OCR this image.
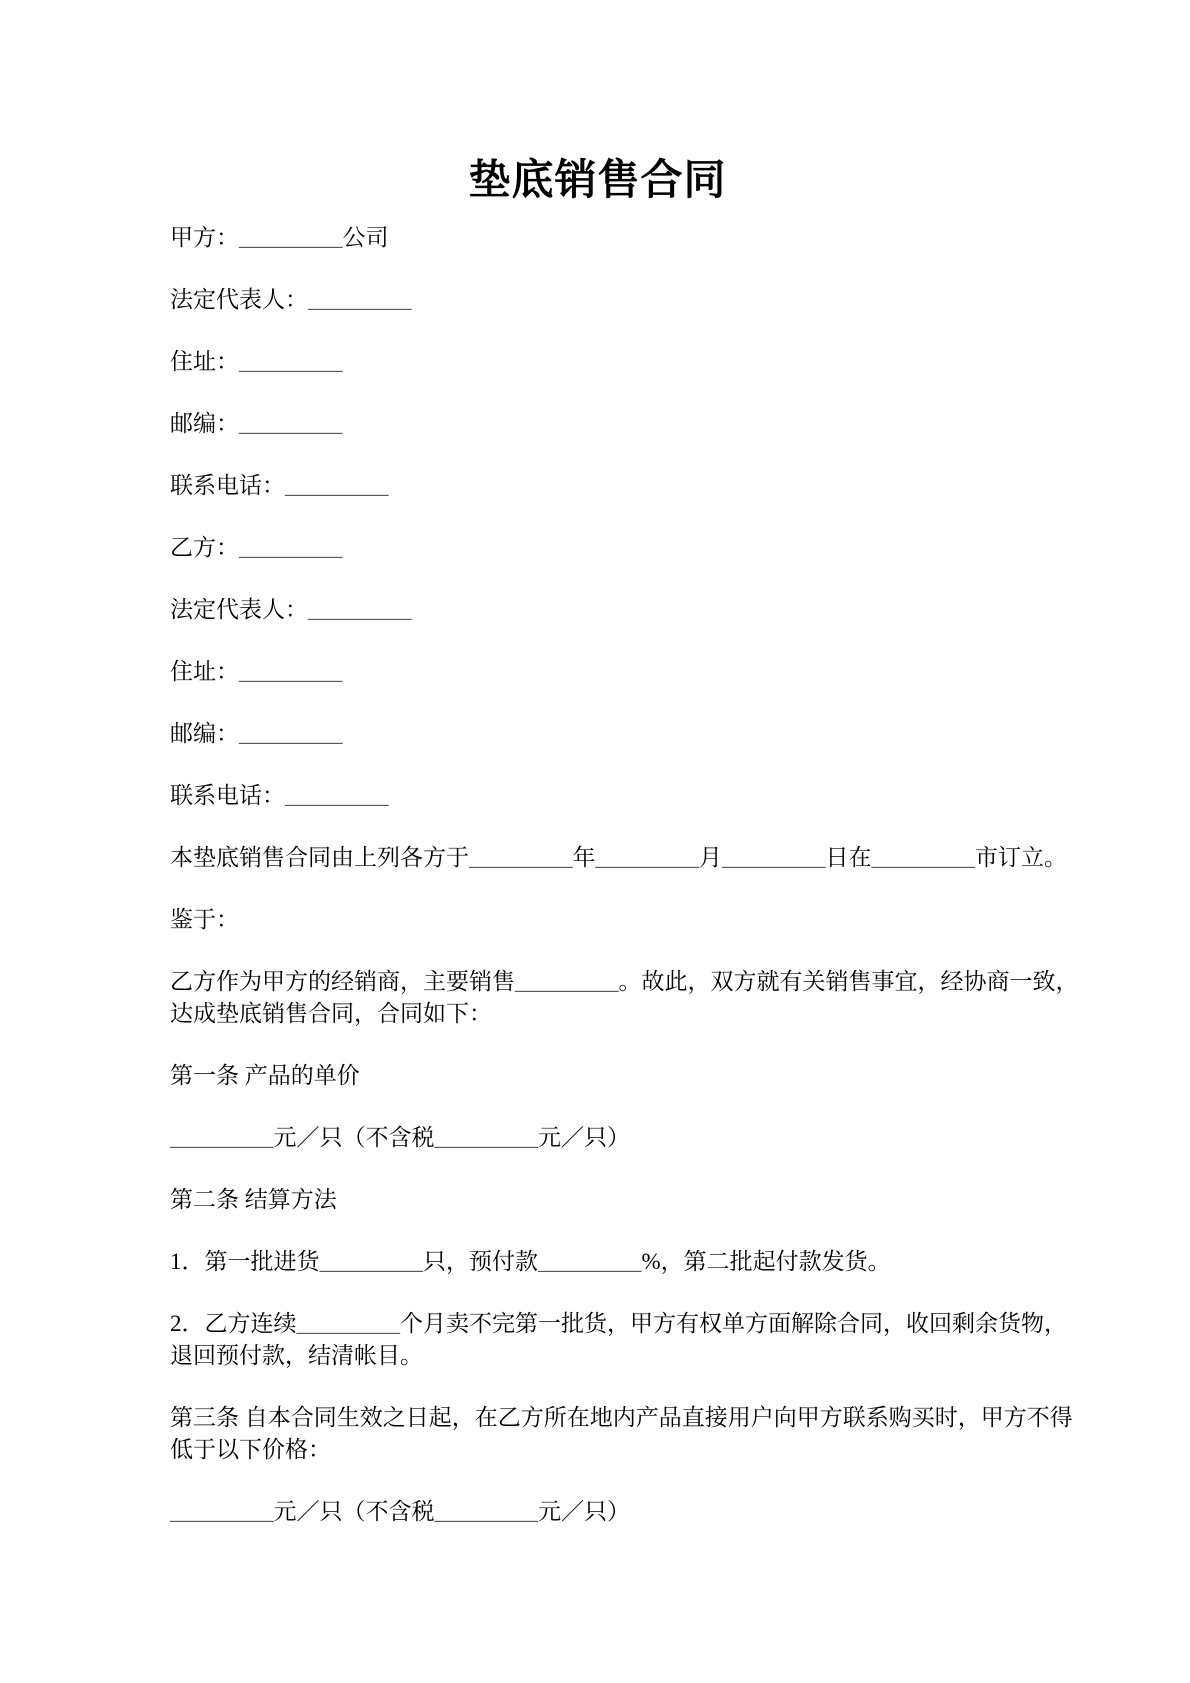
垫底销售合同

甲方：_________公司

法定代表人：_________

住址：_________

邮编：_________

联系电话：_________

乙方：_________

法定代表人：_________

住址：_________

邮编：_________

联系电话：_________

本垫底销售合同由上列各方于_________年_________月_________日在_________市订立。

鉴于：

乙方作为甲方的经销商，主要销售_________。故此，双方就有关销售事宜，经协商一致，达成垫底销售合同，合同如下：

第一条 产品的单价

_________元／只（不含税_________元／只）

第二条 结算方法

1．第一批进货_________只，预付款_________%，第二批起付款发货。

2．乙方连续_________个月卖不完第一批货，甲方有权单方面解除合同，收回剩余货物，退回预付款，结清帐目。

第三条 自本合同生效之日起，在乙方所在地内产品直接用户向甲方联系购买时，甲方不得低于以下价格：

_________元／只（不含税_________元／只）
